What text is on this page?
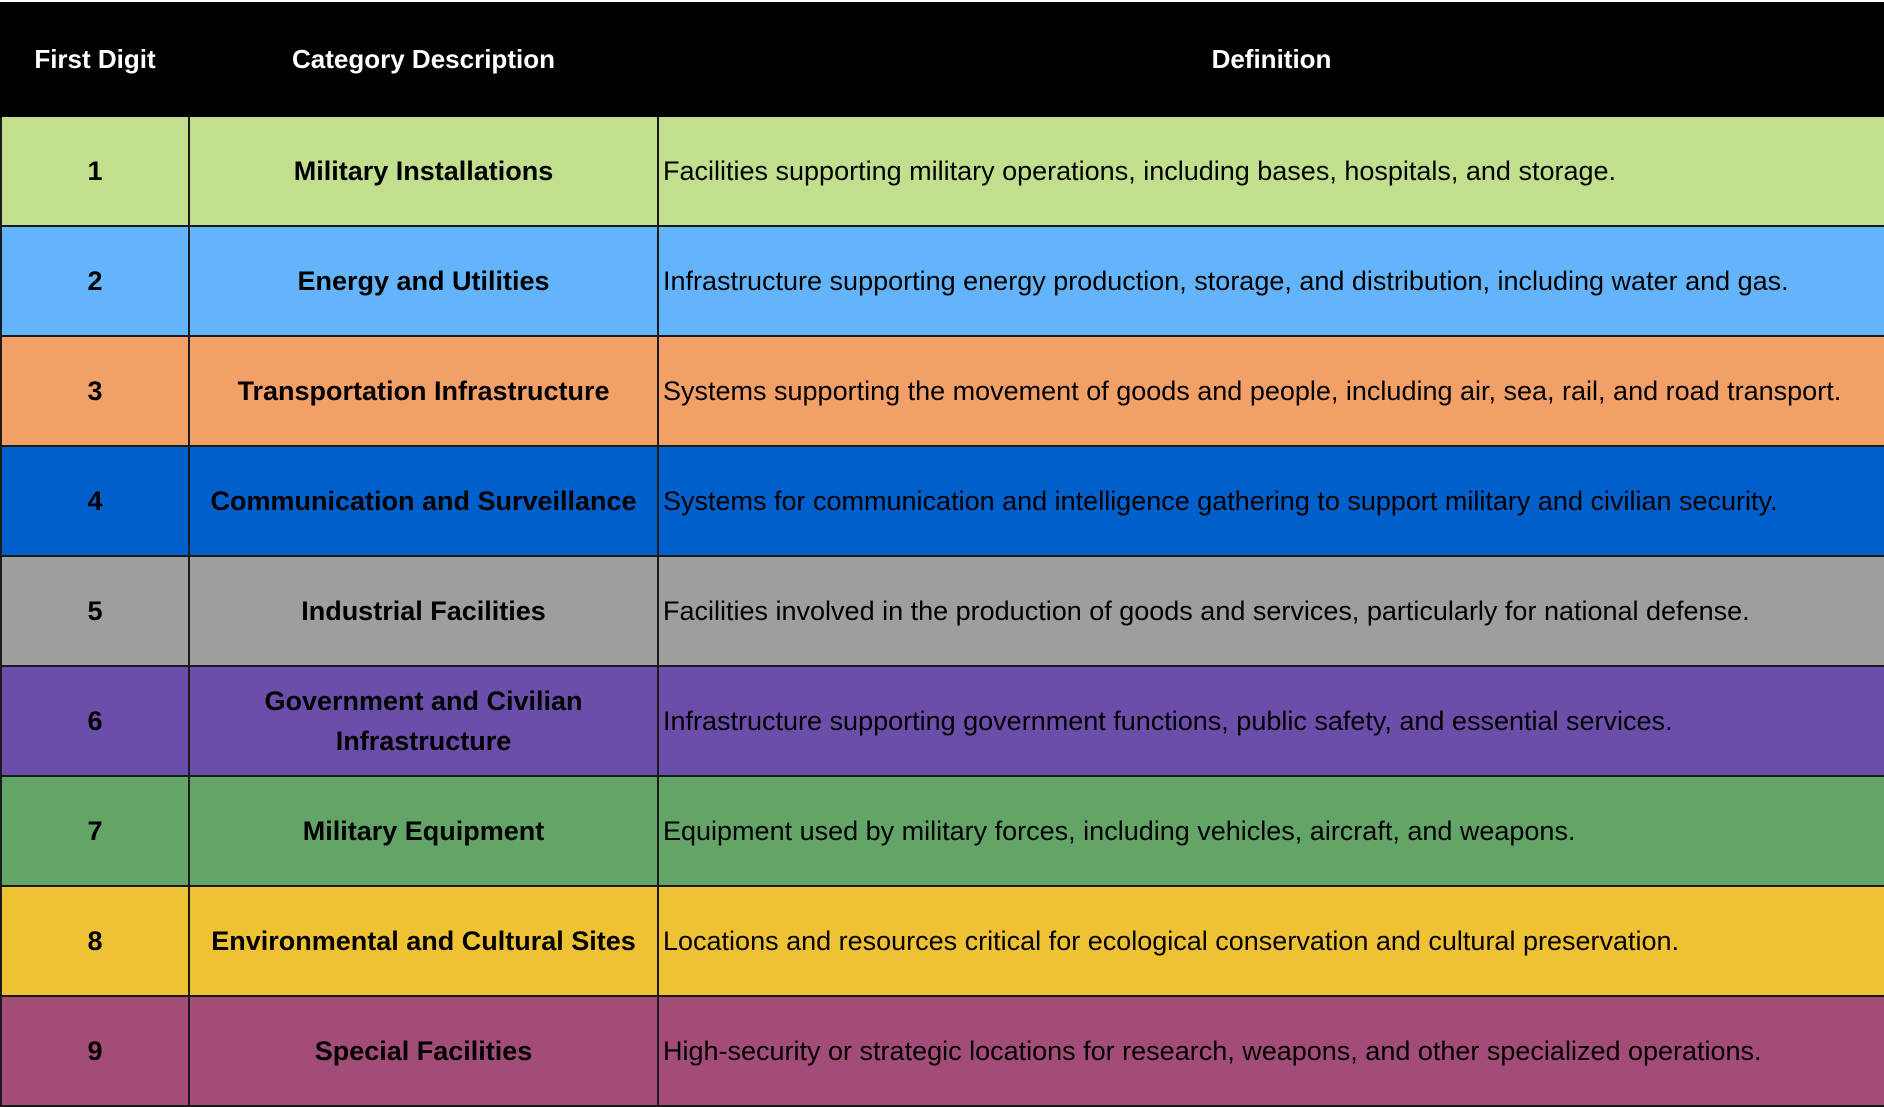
First Digit	Category Description	Definition
1	Military Installations	Facilities supporting military operations, including bases, hospitals, and storage.
2	Energy and Utilities	Infrastructure supporting energy production, storage, and distribution, including water and gas.
3	Transportation Infrastructure	Systems supporting the movement of goods and people, including air, sea, rail, and road transport.
4	Communication and Surveillance	Systems for communication and intelligence gathering to support military and civilian security.
5	Industrial Facilities	Facilities involved in the production of goods and services, particularly for national defense.
6	Government and Civilian Infrastructure	Infrastructure supporting government functions, public safety, and essential services.
7	Military Equipment	Equipment used by military forces, including vehicles, aircraft, and weapons.
8	Environmental and Cultural Sites	Locations and resources critical for ecological conservation and cultural preservation.
9	Special Facilities	High-security or strategic locations for research, weapons, and other specialized operations.
